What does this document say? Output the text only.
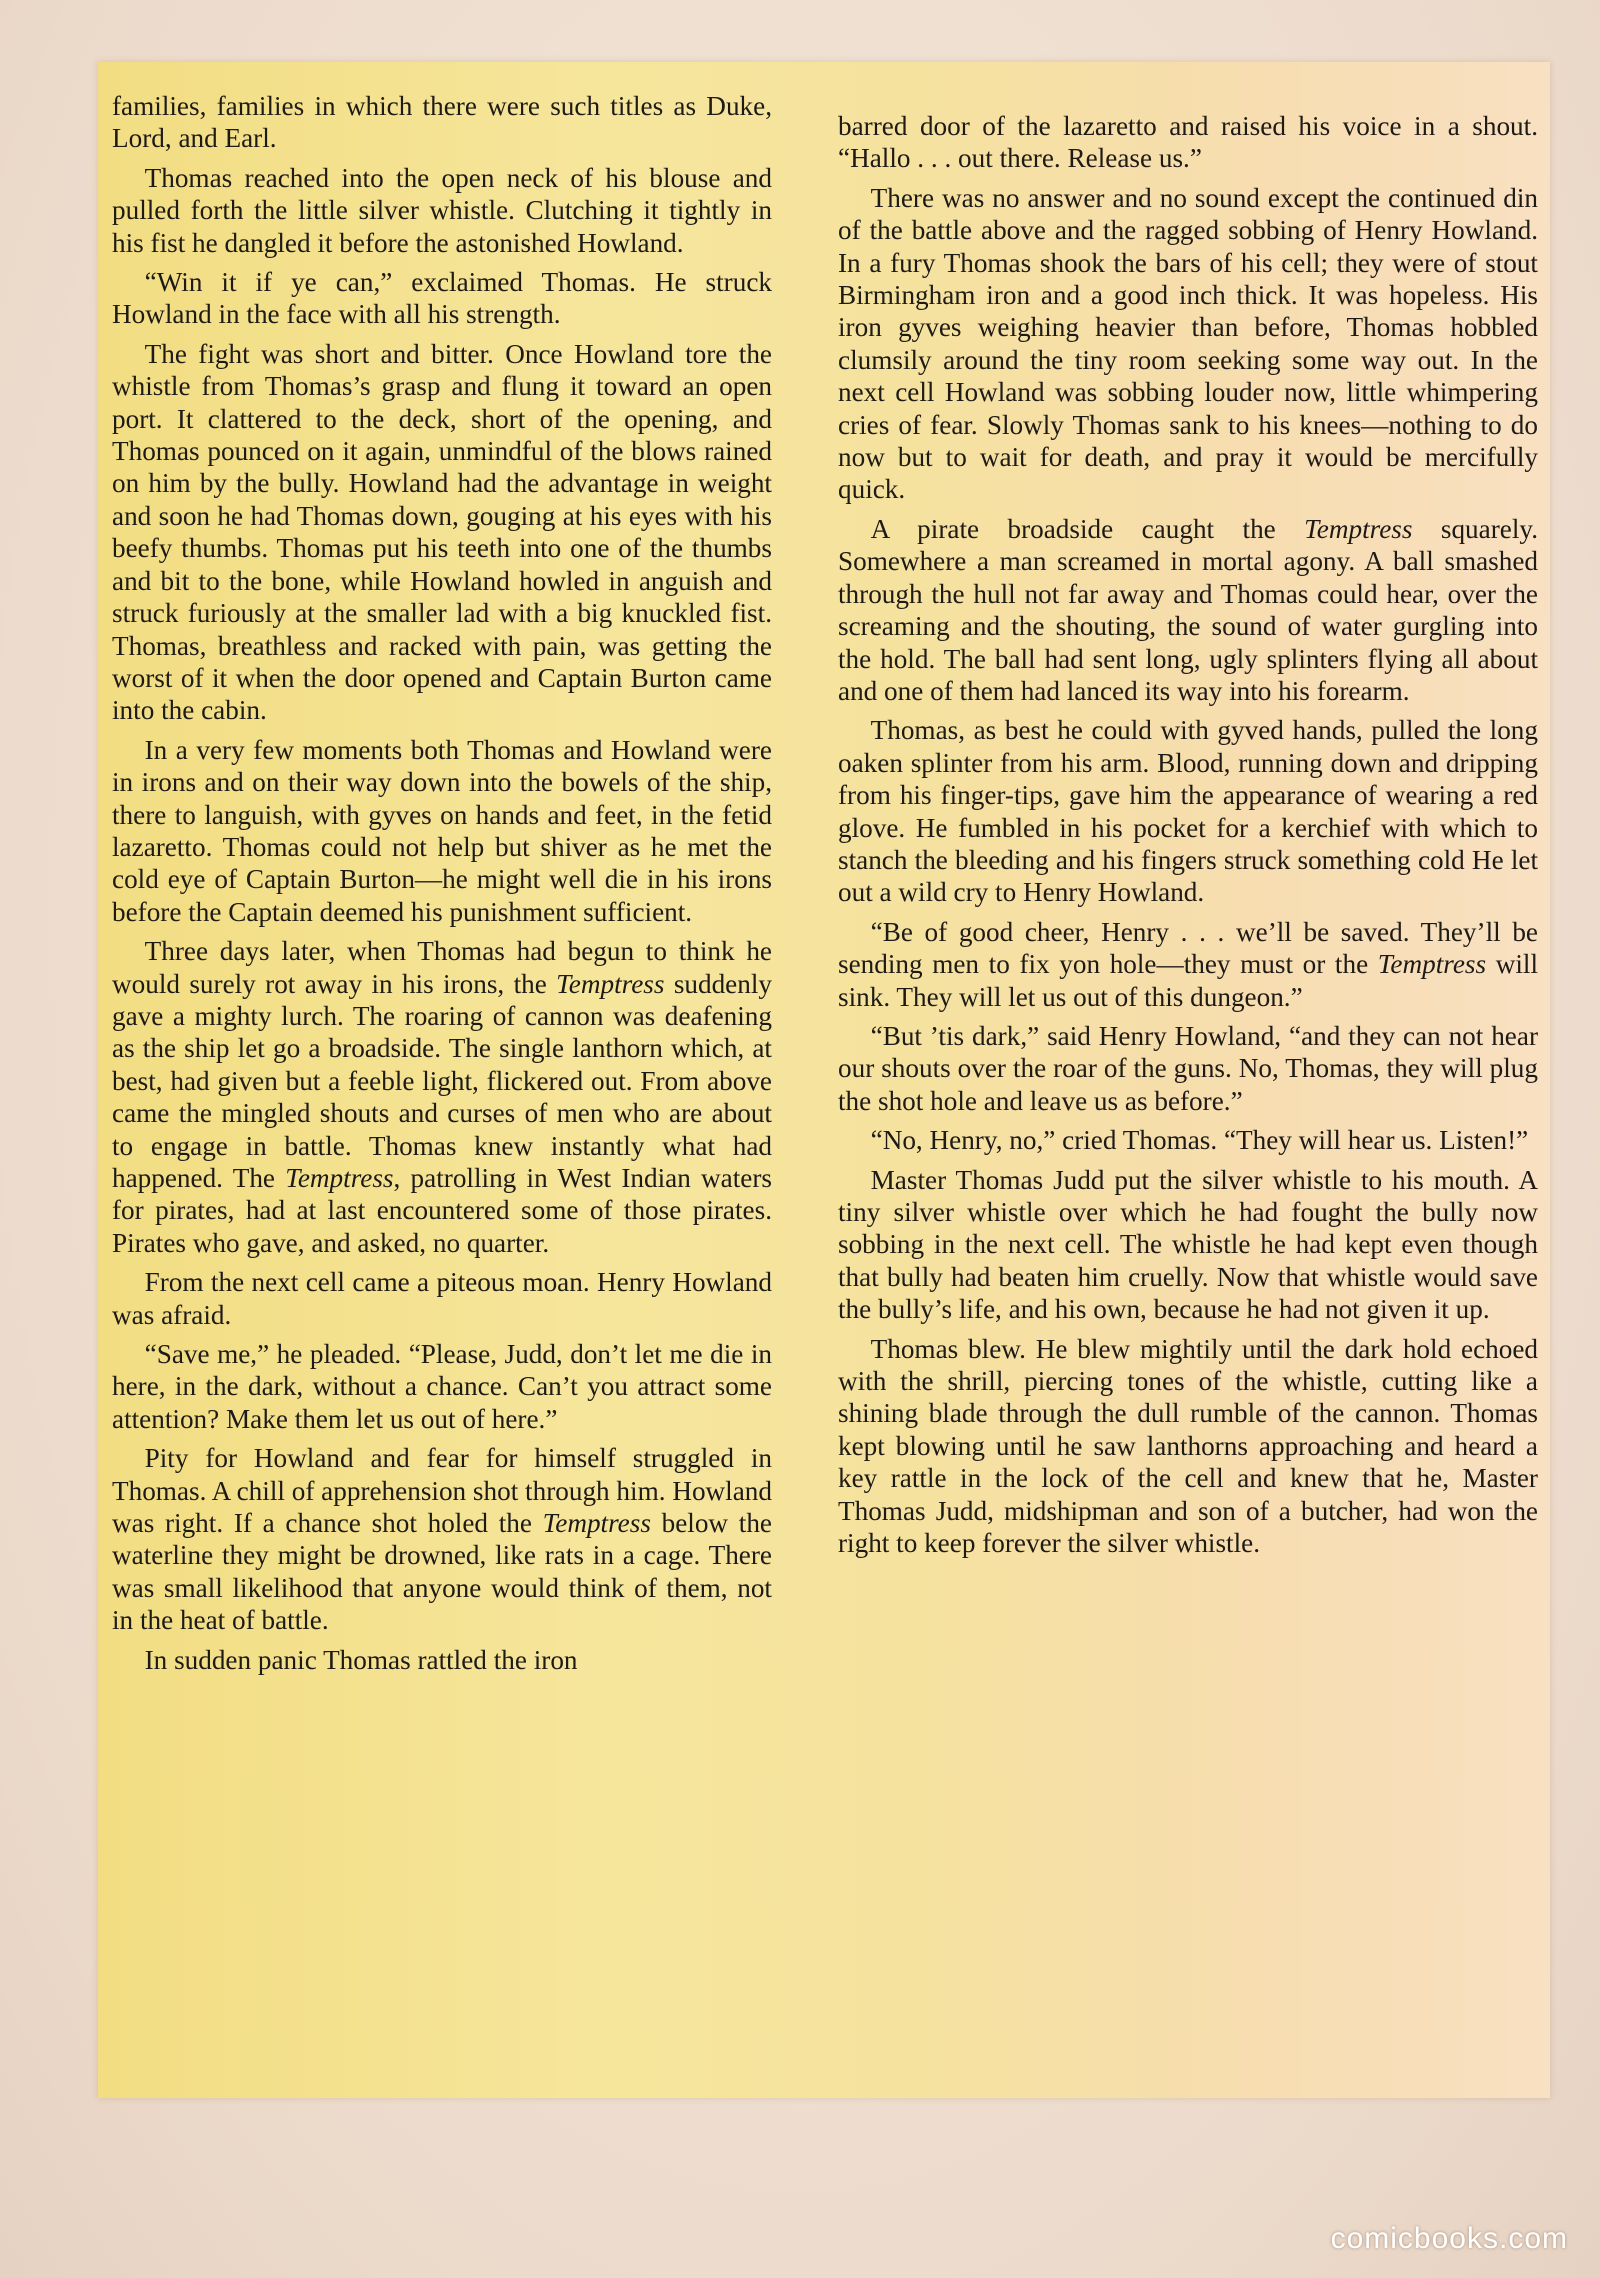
families, families in which there were such titles as Duke, Lord, and Earl.

Thomas reached into the open neck of his blouse and pulled forth the little silver whistle. Clutching it tightly in his fist he dangled it before the astonished Howland.

“Win it if ye can,” exclaimed Thomas. He struck Howland in the face with all his strength.

The fight was short and bitter. Once Howland tore the whistle from Thomas’s grasp and flung it toward an open port. It clattered to the deck, short of the opening, and Thomas pounced on it again, unmindful of the blows rained on him by the bully. Howland had the advantage in weight and soon he had Thomas down, gouging at his eyes with his beefy thumbs. Thomas put his teeth into one of the thumbs and bit to the bone, while Howland howled in anguish and struck furiously at the smaller lad with a big knuckled fist. Thomas, breathless and racked with pain, was getting the worst of it when the door opened and Captain Burton came into the cabin.

In a very few moments both Thomas and Howland were in irons and on their way down into the bowels of the ship, there to languish, with gyves on hands and feet, in the fetid lazaretto. Thomas could not help but shiver as he met the cold eye of Captain Burton—he might well die in his irons before the Captain deemed his punishment sufficient.

Three days later, when Thomas had begun to think he would surely rot away in his irons, the Temptress suddenly gave a mighty lurch. The roaring of cannon was deafening as the ship let go a broadside. The single lanthorn which, at best, had given but a feeble light, flickered out. From above came the mingled shouts and curses of men who are about to engage in battle. Thomas knew instantly what had happened. The Temptress, patrolling in West Indian waters for pirates, had at last encountered some of those pirates. Pirates who gave, and asked, no quarter.

From the next cell came a piteous moan. Henry Howland was afraid.

“Save me,” he pleaded. “Please, Judd, don’t let me die in here, in the dark, without a chance. Can’t you attract some attention? Make them let us out of here.”

Pity for Howland and fear for himself struggled in Thomas. A chill of apprehension shot through him. Howland was right. If a chance shot holed the Temptress below the waterline they might be drowned, like rats in a cage. There was small likelihood that anyone would think of them, not in the heat of battle.

In sudden panic Thomas rattled the iron

barred door of the lazaretto and raised his voice in a shout. “Hallo . . . out there. Release us.”

There was no answer and no sound except the continued din of the battle above and the ragged sobbing of Henry Howland. In a fury Thomas shook the bars of his cell; they were of stout Birmingham iron and a good inch thick. It was hopeless. His iron gyves weighing heavier than before, Thomas hobbled clumsily around the tiny room seeking some way out. In the next cell Howland was sobbing louder now, little whimpering cries of fear. Slowly Thomas sank to his knees—nothing to do now but to wait for death, and pray it would be mercifully quick.

A pirate broadside caught the Temptress squarely. Somewhere a man screamed in mortal agony. A ball smashed through the hull not far away and Thomas could hear, over the screaming and the shouting, the sound of water gurgling into the hold. The ball had sent long, ugly splinters flying all about and one of them had lanced its way into his forearm.

Thomas, as best he could with gyved hands, pulled the long oaken splinter from his arm. Blood, running down and dripping from his finger-tips, gave him the appearance of wearing a red glove. He fumbled in his pocket for a kerchief with which to stanch the bleeding and his fingers struck something cold He let out a wild cry to Henry Howland.

“Be of good cheer, Henry . . . we’ll be saved. They’ll be sending men to fix yon hole—they must or the Temptress will sink. They will let us out of this dungeon.”

“But ’tis dark,” said Henry Howland, “and they can not hear our shouts over the roar of the guns. No, Thomas, they will plug the shot hole and leave us as before.”

“No, Henry, no,” cried Thomas. “They will hear us. Listen!”

Master Thomas Judd put the silver whistle to his mouth. A tiny silver whistle over which he had fought the bully now sobbing in the next cell. The whistle he had kept even though that bully had beaten him cruelly. Now that whistle would save the bully’s life, and his own, because he had not given it up.

Thomas blew. He blew mightily until the dark hold echoed with the shrill, piercing tones of the whistle, cutting like a shining blade through the dull rumble of the cannon. Thomas kept blowing until he saw lanthorns approaching and heard a key rattle in the lock of the cell and knew that he, Master Thomas Judd, midshipman and son of a butcher, had won the right to keep forever the silver whistle.

comicbooks.com
